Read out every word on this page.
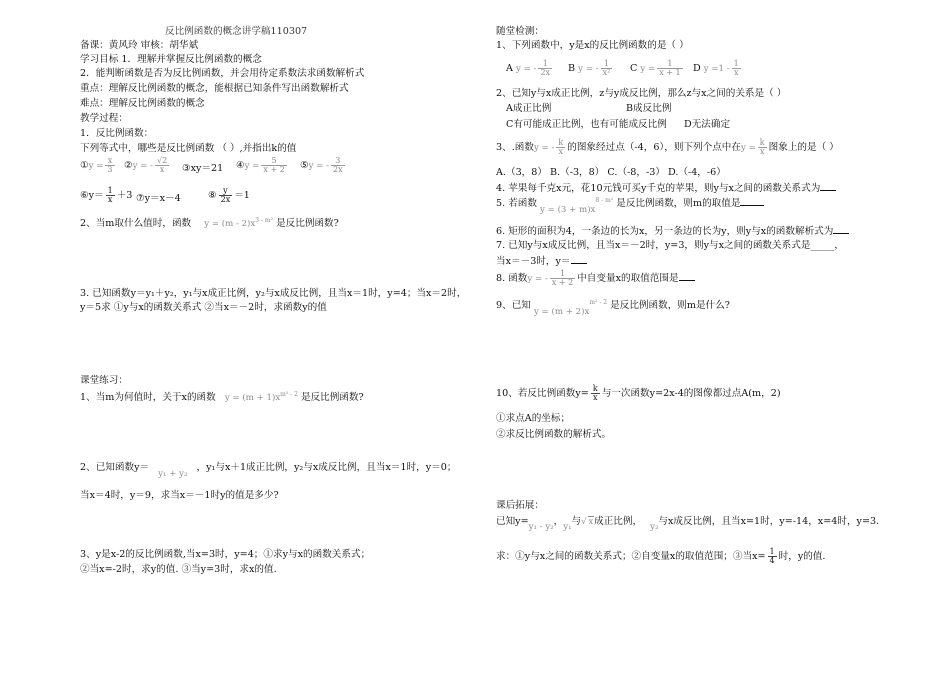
反比例函数的概念讲学稿110307
备课：黄风玲 审核：胡华斌
学习目标 1．理解并掌握反比例函数的概念
2．能判断函数是否为反比例函数，并会用待定系数法求函数解析式
重点：理解反比例函数的概念，能根据已知条件写出函数解析式
难点：理解反比例函数的概念
教学过程：
1．反比例函数：
下列等式中，哪些是反比例函数 （ ）,并指出k的值
①y = $\frac{x}{3}$ ②y = - $\frac{√2}{x}$ ③xy＝21 ④y = $\frac{5}{x + 2}$ ⑤y = - $\frac{3}{2x}$
⑥y＝ $\frac{1}{x} +3$ ⑦y＝x－4	⑧ $\frac{y}{2x} =1$
2、当m取什么值时，函数 $y = (m - 2)x^{3 - m^2}$ 是反比例函数?
3. 已知函数y＝y₁＋y₂，y₁与x成正比例，y₂与x成反比例，且当x＝1时，y=4；当x＝2时，
y＝5求 ①y与x的函数关系式 ②当x＝－2时，求函数y的值
课堂练习：
1、当m为何值时，关于x的函数 $y = (m + 1)x^{m^2 - 2}$ 是反比例函数?
2、已知函数y＝ y₁ + y₂ ，y₁与x＋1成正比例，y₂与x成反比例，且当x＝1时，y＝0；
当x＝4时，y＝9，求当x＝－1时y的值是多少?
3、y是x-2的反比例函数,当x=3时，y=4；①求y与x的函数关系式；
②当x=-2时，求y的值. ③当y=3时，求x的值.
随堂检测：
1、下列函数中，y是x的反比例函数的是（ ）
A y = - $\frac{1}{2x}$ B y = - $\frac{1}{\text{x²}}$ C $y = \frac{1}{x + 1}$ D $y =1 - \frac{1}{x}$
2、已知y与x成正比例，z与y成反比例，那么z与x之间的关系是（ ）
A成正比例	B成反比例
C有可能成正比例，也有可能成反比例 D无法确定
3、.函数y = - $\frac{k}{x}$ 的图象经过点（-4，6），则下列个点中在$y = \frac{k}{x}$ 图象上的是（ ）
A.（3，8） B.（-3，8） C.（-8，-3） D.（-4，-6）
4. 苹果每千克x元，花10元钱可买y千克的苹果，则y与x之间的函数关系式为
5. 若函数 $y = (3 + m)x^{8 - m^2}$ 是反比例函数，则m的取值是
6. 矩形的面积为4，一条边的长为x，另一条边的长为y，则y与x的函数解析式为
7. 已知y与x成反比例，且当x＝－2时，y=3，则y与x之间的函数关系式是_____，
当x＝－3时，y＝
8. 函数y = - $\frac{1}{x + 2}$ 中自变量x的取值范围是
9、已知 $y = (m + 2)x^{m^2 - 2}$ 是反比例函数，则m是什么?
10、若反比例函数$y= \frac{k}{x}$ 与一次函数y=2x-4的图像都过点A(m，2)
①求点A的坐标；
②求反比例函数的解析式。
课后拓展：
已知y=y₁ - y₂，y₁与√ x成正比例， y₂与x成反比例，且当x=1时，y=-14，x=4时，y=3.
求：①y与x之间的函数关系式；②自变量x的取值范围；③当$x= \frac{1}{4}$ 时，y的值.
